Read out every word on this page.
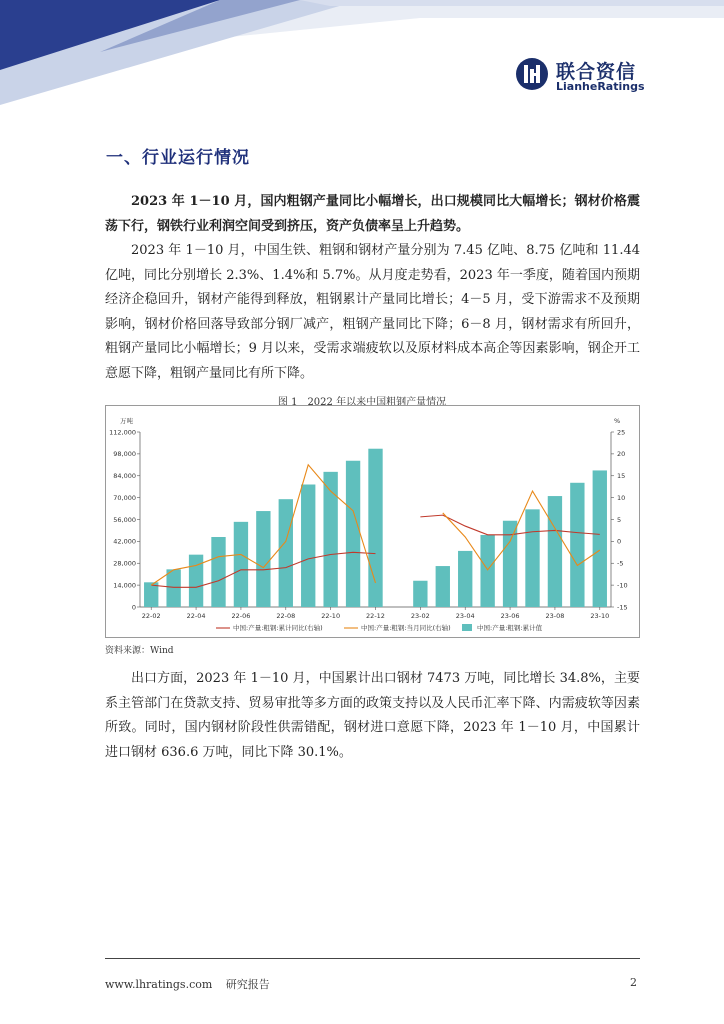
联合资信
LianheRatings
一、行业运行情况

2023 年 1－10 月，国内粗钢产量同比小幅增长，出口规模同比大幅增长；钢材价格震荡下行，钢铁行业利润空间受到挤压，资产负债率呈上升趋势。

2023 年 1－10 月，中国生铁、粗钢和钢材产量分别为 7.45 亿吨、8.75 亿吨和 11.44 亿吨，同比分别增长 2.3%、1.4%和 5.7%。从月度走势看，2023 年一季度，随着国内预期经济企稳回升，钢材产能得到释放，粗钢累计产量同比增长；4－5 月，受下游需求不及预期影响，钢材价格回落导致部分钢厂减产，粗钢产量同比下降；6－8 月，钢材需求有所回升，粗钢产量同比小幅增长；9 月以来，受需求端疲软以及原材料成本高企等因素影响，钢企开工意愿下降，粗钢产量同比有所下降。

图 1　2022 年以来中国粗钢产量情况

万吨	%
0
14,000
28,000
42,000
56,000
70,000
84,000
98,000
112,000
-15
-10
-5
0
5
10
15
20
25
22-02	22-04	22-06	22-08	22-10	22-12	23-02	23-04	23-06	23-08	23-10
中国:产量:粗钢:累计同比(右轴)	中国:产量:粗钢:当月同比(右轴)	中国:产量:粗钢:累计值

资料来源：Wind

出口方面，2023 年 1－10 月，中国累计出口钢材 7473 万吨，同比增长 34.8%，主要系主管部门在贷款支持、贸易审批等多方面的政策支持以及人民币汇率下降、内需疲软等因素所致。同时，国内钢材阶段性供需错配，钢材进口意愿下降，2023 年 1－10 月，中国累计进口钢材 636.6 万吨，同比下降 30.1%。

www.lhratings.com 研究报告	2
